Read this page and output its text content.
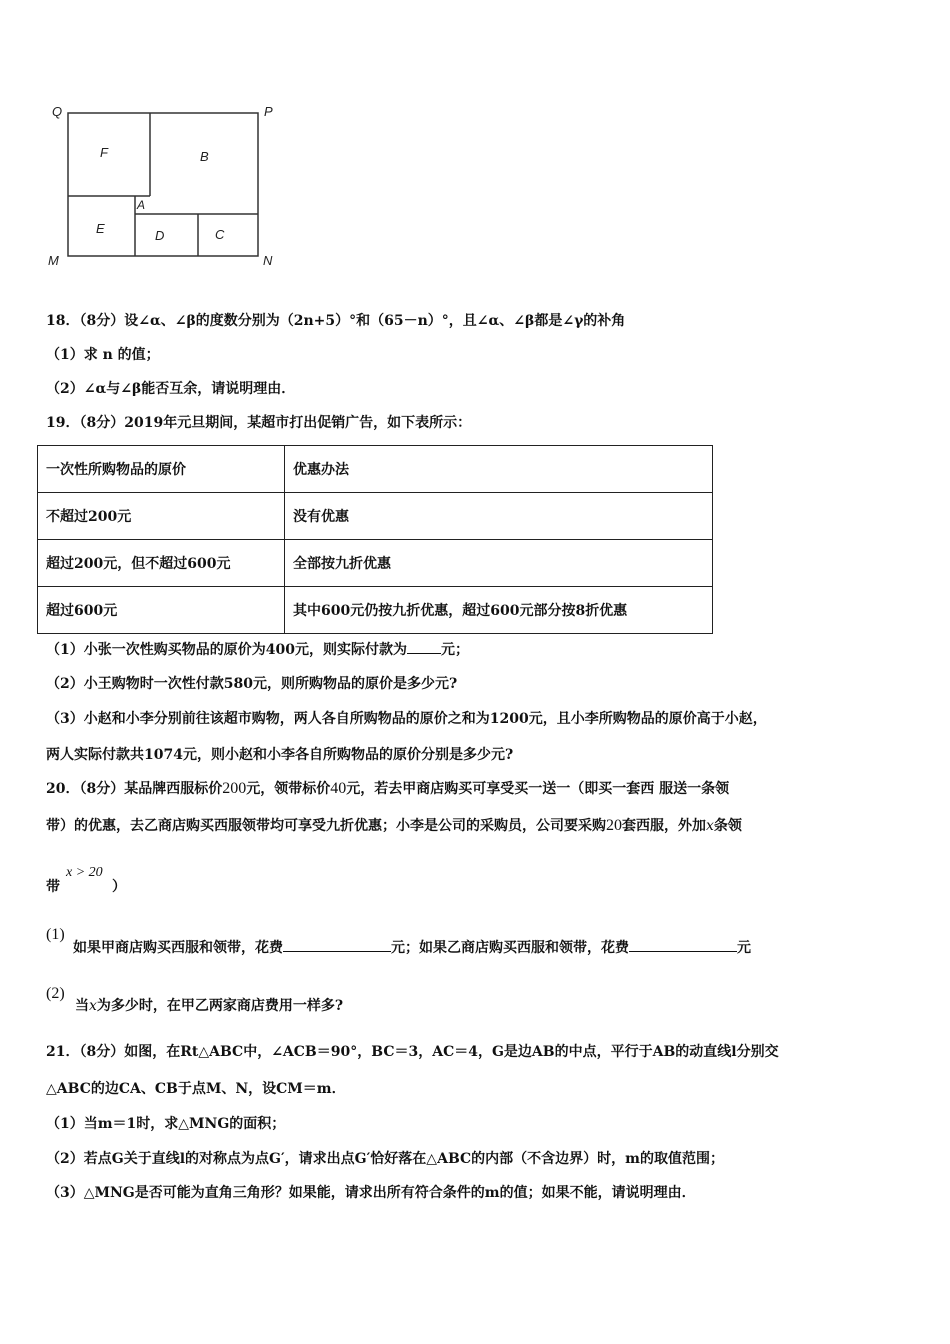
Q	P
M	N
F	B
A
E	D	C
18．（8分）设∠α、∠β的度数分别为（2n+5）°和（65－n）°，且∠α、∠β都是∠γ的补角
（1）求 n 的值；
（2）∠α与∠β能否互余，请说明理由．
19．（8分）2019年元旦期间，某超市打出促销广告，如下表所示：
一次性所购物品的原价	优惠办法
不超过200元	没有优惠
超过200元，但不超过600元	全部按九折优惠
超过600元	其中600元仍按九折优惠，超过600元部分按8折优惠
（1）小张一次性购买物品的原价为400元，则实际付款为 元；
（2）小王购物时一次性付款580元，则所购物品的原价是多少元?
（3）小赵和小李分别前往该超市购物，两人各自所购物品的原价之和为1200元，且小李所购物品的原价高于小赵，
两人实际付款共1074元，则小赵和小李各自所购物品的原价分别是多少元?
20．（8分）某品牌西服标价200元，领带标价40元，若去甲商店购买可享受买一送一（即买一套西 服送一条领
带）的优惠，去乙商店购买西服领带均可享受九折优惠；小李是公司的采购员，公司要采购20套西服，外加x条领
带	）
x > 20
(1)
如果甲商店购买西服和领带，花费	元；如果乙商店购买西服和领带，花费	元
(2)
当x为多少时，在甲乙两家商店费用一样多?
21．（8分）如图，在Rt△ABC中，∠ACB＝90°，BC＝3，AC＝4，G是边AB的中点，平行于AB的动直线l分别交
△ABC的边CA、CB于点M、N，设CM＝m．
（1）当m＝1时，求△MNG的面积；
（2）若点G关于直线l的对称点为点G′，请求出点G′恰好落在△ABC的内部（不含边界）时，m的取值范围；
（3）△MNG是否可能为直角三角形？如果能，请求出所有符合条件的m的值；如果不能，请说明理由．
